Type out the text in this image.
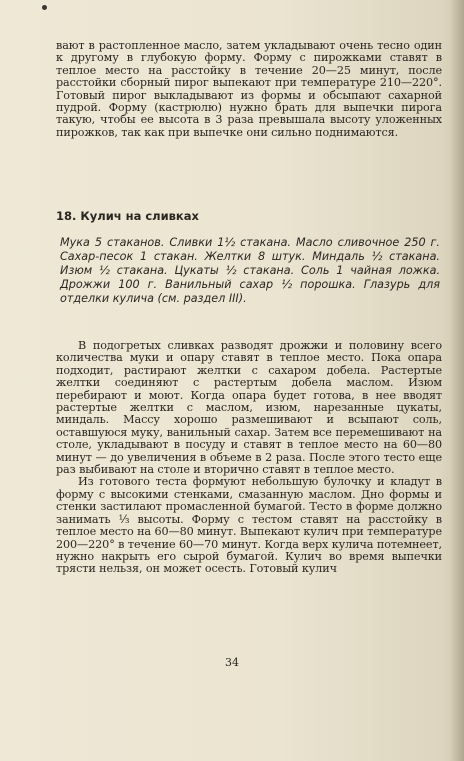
вают в растопленное масло, затем укладывают очень тесно один к другому в глубокую форму. Форму с пирожками ставят в теплое место на расстойку в течение 20—25 минут, после расстойки сборный пирог выпекают при температуре 210—220°. Готовый пирог выкладывают из формы и обсыпают сахарной пудрой. Форму (кастрюлю) нужно брать для выпечки пирога такую, чтобы ее высота в 3 раза превышала высоту уложенных пирожков, так как при выпечке они сильно поднимаются.

18. Кулич на сливках
Мука 5 стаканов. Сливки 1½ стакана. Масло сливочное 250 г. Сахар-песок 1 стакан. Желтки 8 штук. Миндаль ½ стакана. Изюм ½ стакана. Цукаты ½ стакана. Соль 1 чайная ложка. Дрожжи 100 г. Ванильный сахар ½ порошка. Глазурь для отделки кулича (см. раздел III).

В подогретых сливках разводят дрожжи и половину всего количества муки и опару ставят в теплое место. Пока опара подходит, растирают желтки с сахаром добела. Растертые желтки соединяют с растертым добела маслом. Изюм перебирают и моют. Когда опара будет готова, в нее вводят растертые желтки с маслом, изюм, нарезанные цукаты, миндаль. Массу хорошо размешивают и всыпают соль, оставшуюся муку, ванильный сахар. Затем все перемешивают на столе, укладывают в посуду и ставят в теплое место на 60—80 минут — до увеличения в объеме в 2 раза. После этого тесто еще раз выбивают на столе и вторично ставят в теплое место.

Из готового теста формуют небольшую булочку и кладут в форму с высокими стенками, смазанную маслом. Дно формы и стенки застилают промасленной бумагой. Тесто в форме должно занимать ⅓ высоты. Форму с тестом ставят на расстойку в теплое место на 60—80 минут. Выпекают кулич при температуре 200—220° в течение 60—70 минут. Когда верх кулича потемнеет, нужно накрыть его сырой бумагой. Кулич во время выпечки трясти нельзя, он может осесть. Готовый кулич

34
